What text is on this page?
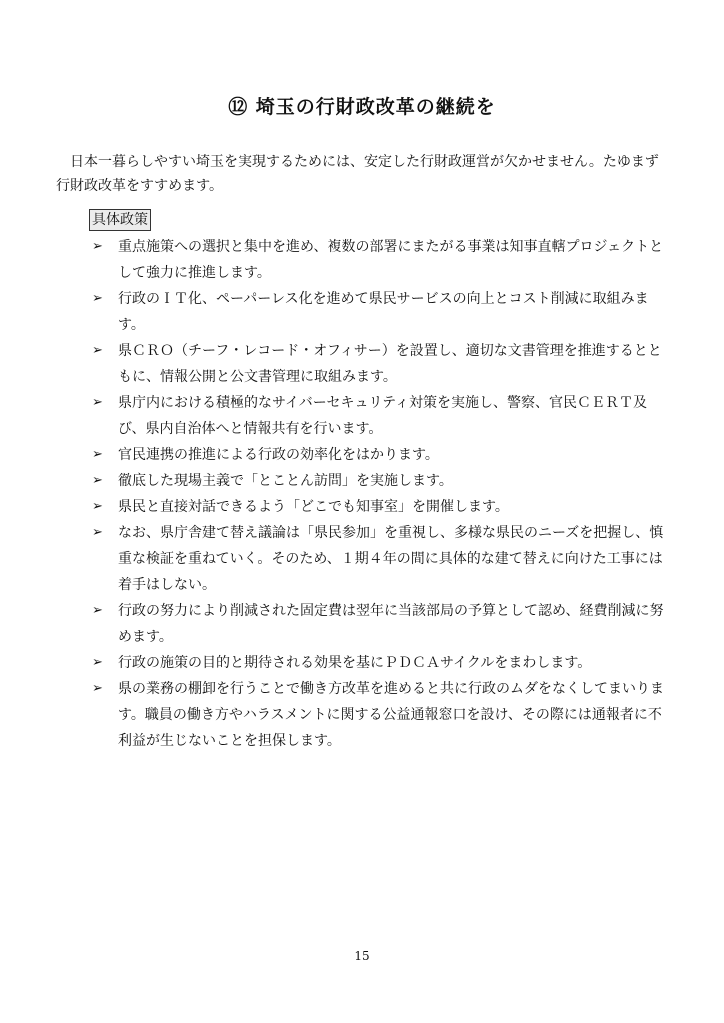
⑫ 埼玉の行財政改革の継続を

日本一暮らしやすい埼玉を実現するためには、安定した行財政運営が欠かせません。たゆまず行財政改革をすすめます。

具体政策
➢ 重点施策への選択と集中を進め、複数の部署にまたがる事業は知事直轄プロジェクトとして強力に推進します。
➢ 行政のＩＴ化、ペーパーレス化を進めて県民サービスの向上とコスト削減に取組みます。
➢ 県ＣＲＯ（チーフ・レコード・オフィサー）を設置し、適切な文書管理を推進するとともに、情報公開と公文書管理に取組みます。
➢ 県庁内における積極的なサイバーセキュリティ対策を実施し、警察、官民ＣＥＲＴ及び、県内自治体へと情報共有を行います。
➢ 官民連携の推進による行政の効率化をはかります。
➢ 徹底した現場主義で「とことん訪問」を実施します。
➢ 県民と直接対話できるよう「どこでも知事室」を開催します。
➢ なお、県庁舎建て替え議論は「県民参加」を重視し、多様な県民のニーズを把握し、慎重な検証を重ねていく。そのため、１期４年の間に具体的な建て替えに向けた工事には着手はしない。
➢ 行政の努力により削減された固定費は翌年に当該部局の予算として認め、経費削減に努めます。
➢ 行政の施策の目的と期待される効果を基にＰＤＣＡサイクルをまわします。
➢ 県の業務の棚卸を行うことで働き方改革を進めると共に行政のムダをなくしてまいります。職員の働き方やハラスメントに関する公益通報窓口を設け、その際には通報者に不利益が生じないことを担保します。
15
